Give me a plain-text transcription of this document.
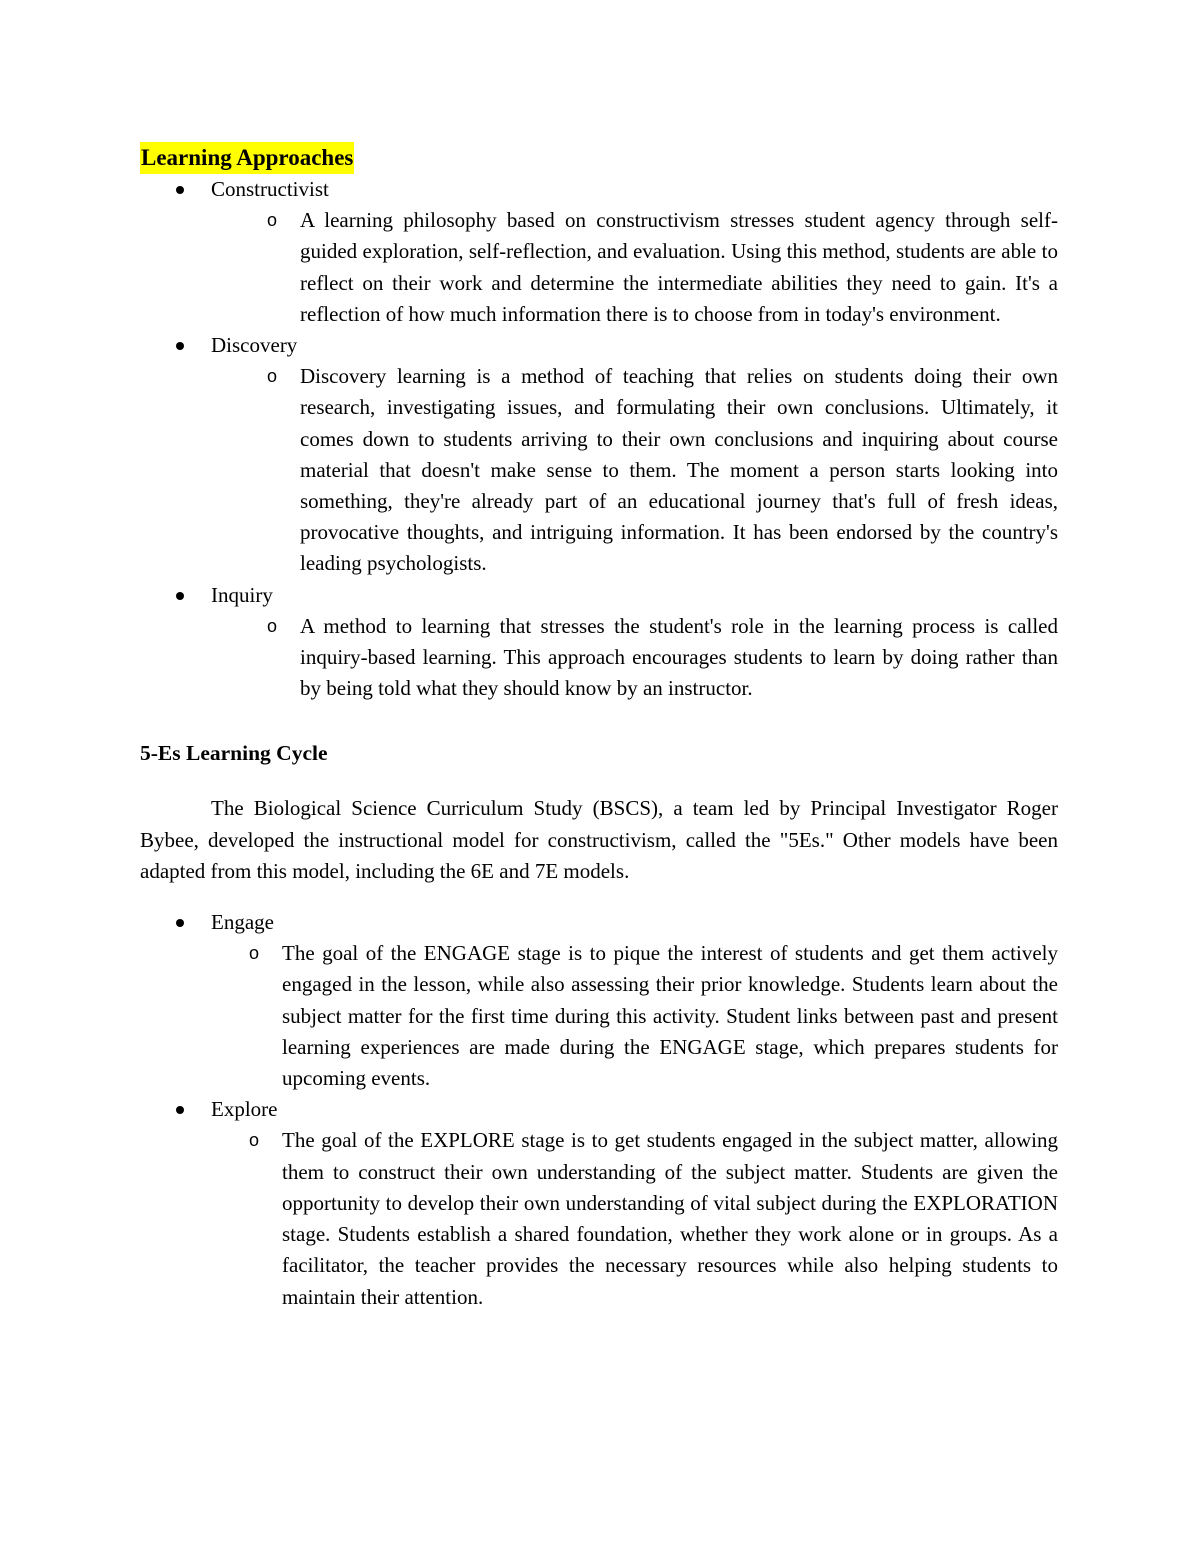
Learning Approaches
Constructivist
o A learning philosophy based on constructivism stresses student agency through self-guided exploration, self-reflection, and evaluation. Using this method, students are able to reflect on their work and determine the intermediate abilities they need to gain. It's a reflection of how much information there is to choose from in today's environment.
Discovery
o Discovery learning is a method of teaching that relies on students doing their own research, investigating issues, and formulating their own conclusions. Ultimately, it comes down to students arriving to their own conclusions and inquiring about course material that doesn't make sense to them. The moment a person starts looking into something, they're already part of an educational journey that's full of fresh ideas, provocative thoughts, and intriguing information. It has been endorsed by the country's leading psychologists.
Inquiry
o A method to learning that stresses the student's role in the learning process is called inquiry-based learning. This approach encourages students to learn by doing rather than by being told what they should know by an instructor.
5-Es Learning Cycle

The Biological Science Curriculum Study (BSCS), a team led by Principal Investigator Roger Bybee, developed the instructional model for constructivism, called the "5Es." Other models have been adapted from this model, including the 6E and 7E models.

Engage
o The goal of the ENGAGE stage is to pique the interest of students and get them actively engaged in the lesson, while also assessing their prior knowledge. Students learn about the subject matter for the first time during this activity. Student links between past and present learning experiences are made during the ENGAGE stage, which prepares students for upcoming events.
Explore
o The goal of the EXPLORE stage is to get students engaged in the subject matter, allowing them to construct their own understanding of the subject matter. Students are given the opportunity to develop their own understanding of vital subject during the EXPLORATION stage. Students establish a shared foundation, whether they work alone or in groups. As a facilitator, the teacher provides the necessary resources while also helping students to maintain their attention.
